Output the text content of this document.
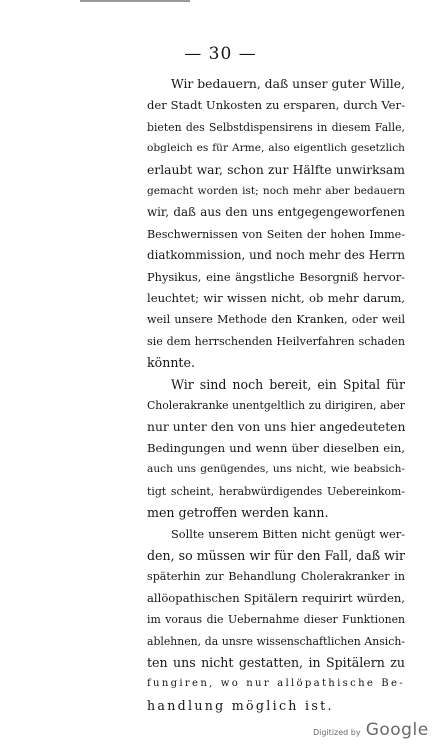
— 30 —
Wir bedauern, daß unser guter Wille,
der Stadt Unkosten zu ersparen, durch Ver-
bieten des Selbstdispensirens in diesem Falle,
obgleich es für Arme, also eigentlich gesetzlich
erlaubt war, schon zur Hälfte unwirksam
gemacht worden ist; noch mehr aber bedauern
wir, daß aus den uns entgegengeworfenen
Beschwernissen von Seiten der hohen Imme-
diatkommission, und noch mehr des Herrn
Physikus, eine ängstliche Besorgniß hervor-
leuchtet; wir wissen nicht, ob mehr darum,
weil unsere Methode den Kranken, oder weil
sie dem herrschenden Heilverfahren schaden
könnte.
Wir sind noch bereit, ein Spital für
Cholerakranke unentgeltlich zu dirigiren, aber
nur unter den von uns hier angedeuteten
Bedingungen und wenn über dieselben ein,
auch uns genügendes, uns nicht, wie beabsich-
tigt scheint, herabwürdigendes Uebereinkom-
men getroffen werden kann.
Sollte unserem Bitten nicht genügt wer-
den, so müssen wir für den Fall, daß wir
späterhin zur Behandlung Cholerakranker in
allöopathischen Spitälern requirirt würden,
im voraus die Uebernahme dieser Funktionen
ablehnen, da unsre wissenschaftlichen Ansich-
ten uns nicht gestatten, in Spitälern zu
fungiren, wo nur allöpathische Be-
handlung möglich ist.
Digitized by Google
